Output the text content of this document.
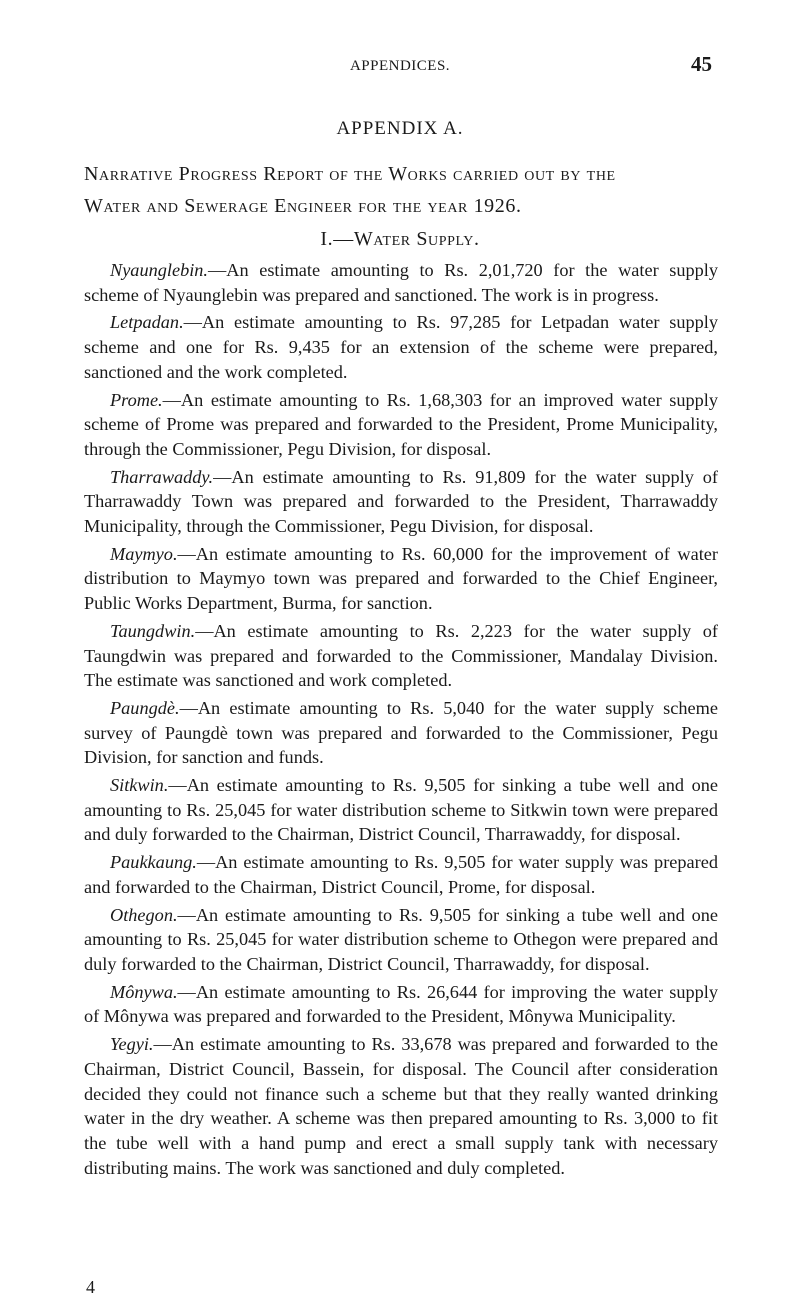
APPENDICES.	45
APPENDIX A.
Narrative Progress Report of the Works carried out by the
Water and Sewerage Engineer for the year 1926.
I.—Water Supply.

Nyaunglebin.—An estimate amounting to Rs. 2,01,720 for the water supply scheme of Nyaunglebin was prepared and sanctioned. The work is in progress.

Letpadan.—An estimate amounting to Rs. 97,285 for Letpadan water supply scheme and one for Rs. 9,435 for an extension of the scheme were prepared, sanctioned and the work completed.

Prome.—An estimate amounting to Rs. 1,68,303 for an improved water supply scheme of Prome was prepared and forwarded to the President, Prome Municipality, through the Commissioner, Pegu Division, for disposal.

Tharrawaddy.—An estimate amounting to Rs. 91,809 for the water supply of Tharrawaddy Town was prepared and forwarded to the President, Tharrawaddy Municipality, through the Commissioner, Pegu Division, for disposal.

Maymyo.—An estimate amounting to Rs. 60,000 for the improvement of water distribution to Maymyo town was prepared and forwarded to the Chief Engineer, Public Works Department, Burma, for sanction.

Taungdwin.—An estimate amounting to Rs. 2,223 for the water supply of Taungdwin was prepared and forwarded to the Commissioner, Mandalay Division. The estimate was sanctioned and work completed.

Paungdè.—An estimate amounting to Rs. 5,040 for the water supply scheme survey of Paungdè town was prepared and forwarded to the Commissioner, Pegu Division, for sanction and funds.

Sitkwin.—An estimate amounting to Rs. 9,505 for sinking a tube well and one amounting to Rs. 25,045 for water distribution scheme to Sitkwin town were prepared and duly forwarded to the Chairman, District Council, Tharrawaddy, for disposal.

Paukkaung.—An estimate amounting to Rs. 9,505 for water supply was prepared and forwarded to the Chairman, District Council, Prome, for disposal.

Othegon.—An estimate amounting to Rs. 9,505 for sinking a tube well and one amounting to Rs. 25,045 for water distribution scheme to Othegon were prepared and duly forwarded to the Chairman, District Council, Tharrawaddy, for disposal.

Mônywa.—An estimate amounting to Rs. 26,644 for improving the water supply of Mônywa was prepared and forwarded to the President, Mônywa Municipality.

Yegyi.—An estimate amounting to Rs. 33,678 was prepared and forwarded to the Chairman, District Council, Bassein, for disposal. The Council after consideration decided they could not finance such a scheme but that they really wanted drinking water in the dry weather. A scheme was then prepared amounting to Rs. 3,000 to fit the tube well with a hand pump and erect a small supply tank with necessary distributing mains. The work was sanctioned and duly completed.

4
